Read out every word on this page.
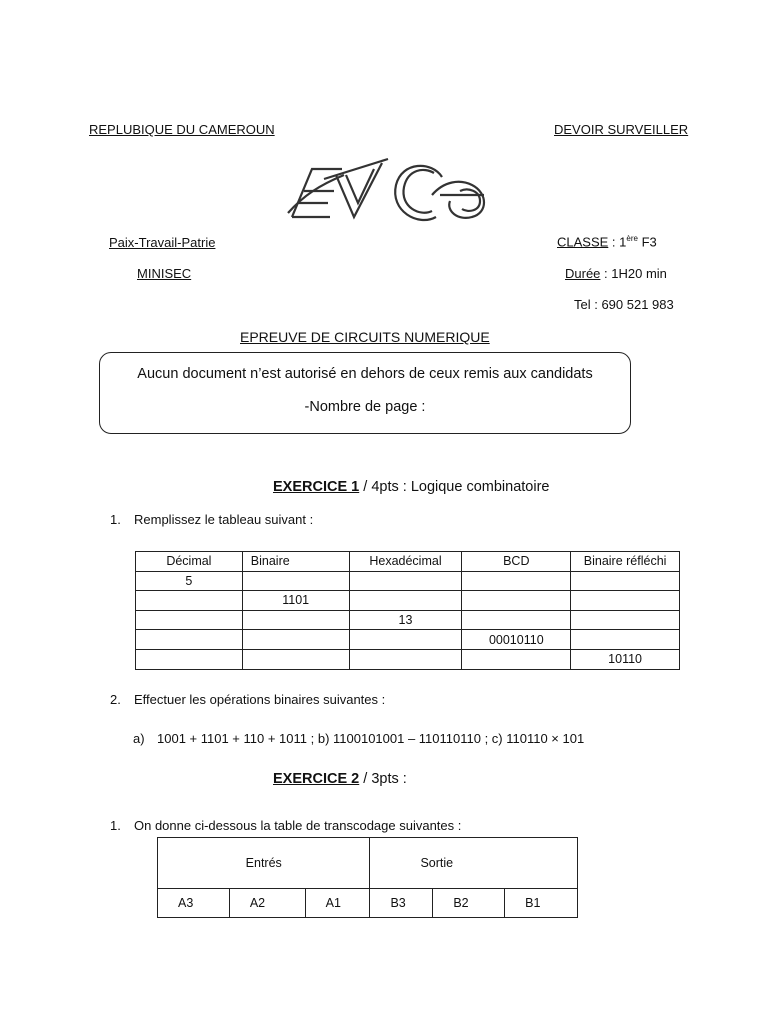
REPLUBIQUE DU CAMEROUN	DEVOIR SURVEILLER
Paix-Travail-Patrie
MINISEC
CLASSE : 1ère F3
Durée : 1H20 min
Tel : 690 521 983
EPREUVE DE CIRCUITS NUMERIQUE
Aucun document n’est autorisé en dehors de ceux remis aux candidats
-Nombre de page :
EXERCICE 1 / 4pts : Logique combinatoire
1. Remplissez le tableau suivant :
Décimal	Binaire	Hexadécimal	BCD	Binaire réfléchi
5				
	1101			
		13		
			00010110	
				10110
2. Effectuer les opérations binaires suivantes :
a) 1001 + 1101 + 110 + 1011 ; b) 1100101001 – 110110110 ; c) 110110 × 101
EXERCICE 2 / 3pts :
1. On donne ci-dessous la table de transcodage suivantes :
Entrés			Sortie		
A3	A2	A1	B3	B2	B1
